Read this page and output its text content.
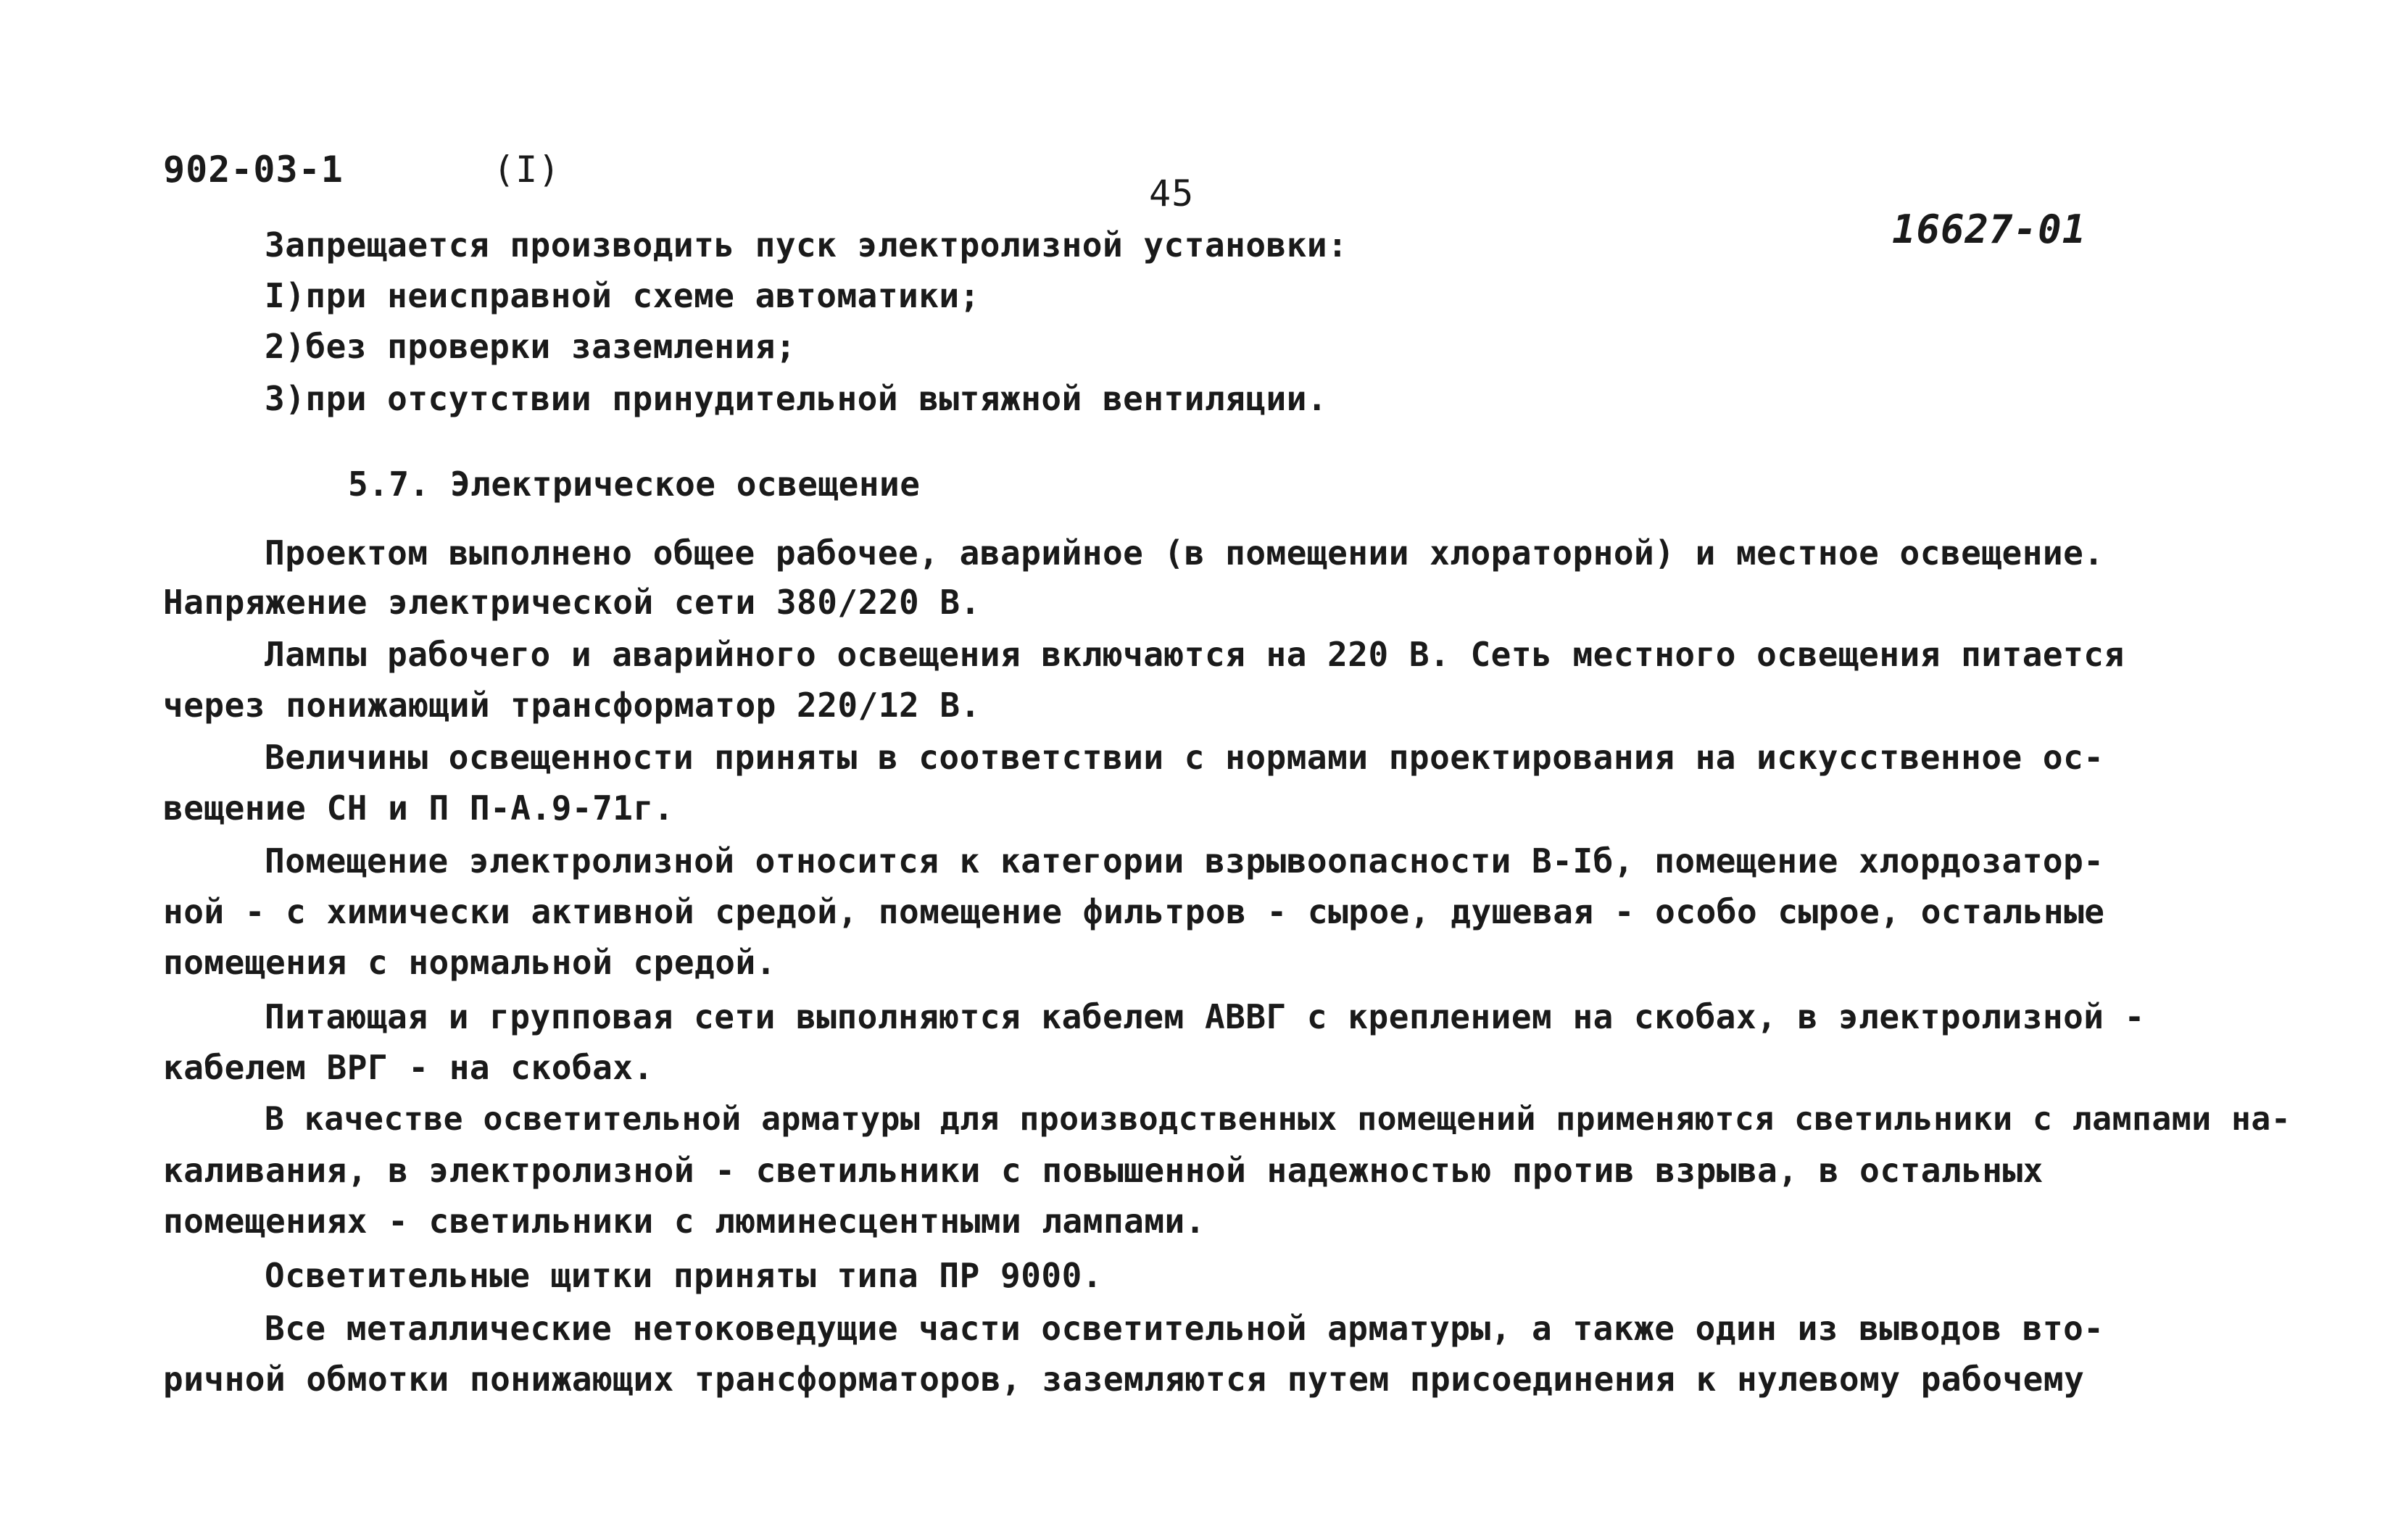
902-03-1	(I)
45
16627-01
Запрещается производить пуск электролизной установки:
I)при неисправной схеме автоматики;
2)без проверки заземления;
3)при отсутствии принудительной вытяжной вентиляции.
5.7. Электрическое освещение
Проектом выполнено общее рабочее, аварийное (в помещении хлораторной) и местное освещение.
Напряжение электрической сети 380/220 В.
Лампы рабочего и аварийного освещения включаются на 220 В. Сеть местного освещения питается
через понижающий трансформатор 220/12 В.
Величины освещенности приняты в соответствии с нормами проектирования на искусственное ос-
вещение СН и П П-А.9-71г.
Помещение электролизной относится к категории взрывоопасности В-Iб, помещение хлордозатор-
ной - с химически активной средой, помещение фильтров - сырое, душевая - особо сырое, остальные
помещения с нормальной средой.
Питающая и групповая сети выполняются кабелем АВВГ с креплением на скобах, в электролизной -
кабелем ВРГ - на скобах.
В качестве осветительной арматуры для производственных помещений применяются светильники с лампами на-
каливания, в электролизной - светильники с повышенной надежностью против взрыва, в остальных
помещениях - светильники с люминесцентными лампами.
Осветительные щитки приняты типа ПР 9000.
Все металлические нетоковедущие части осветительной арматуры, а также один из выводов вто-
ричной обмотки понижающих трансформаторов, заземляются путем присоединения к нулевому рабочему
